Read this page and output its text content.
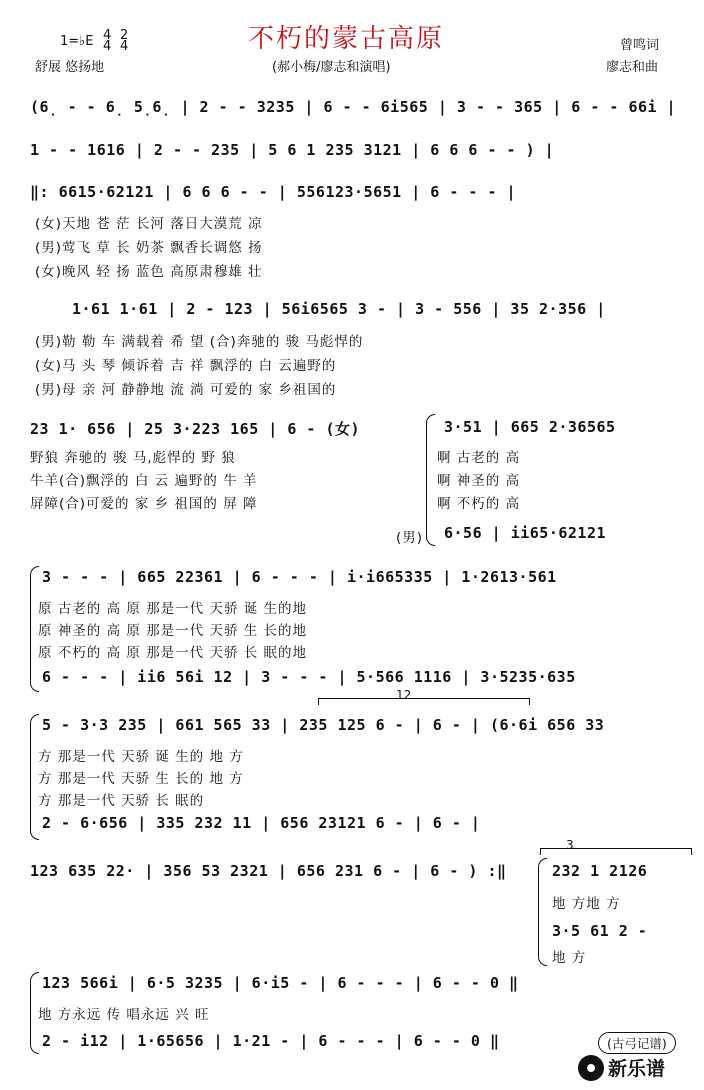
1=♭E 4
4
2
4
舒展 悠扬地
不朽的蒙古高原
(郝小梅/廖志和演唱)
曾鸣词
廖志和曲
(6̣ - - 6̣ 5̣6̣ | 2 - - 3235 | 6 - - 6i565 | 3 - - 365 | 6 - - 66i |
1 - - 1616 | 2 - - 235 | 5 6 1 235 3121 | 6 6 6 - - ) |
‖: 6615·62121 | 6 6 6 - - | 556123·5651 | 6 - - - |
(女)天地 苍 茫 长河 落日大漠荒 凉
(男)莺飞 草 长 奶茶 飘香长调悠 扬
(女)晚风 轻 扬 蓝色 高原肃穆雄 壮
1·61 1·61 | 2 - 123 | 56i6565 3 - | 3 - 556 | 35 2·356 |
(男)勒 勒 车 满载着 希 望 (合)奔驰的 骏 马彪悍的
(女)马 头 琴 倾诉着 吉 祥 飘浮的 白 云遍野的
(男)母 亲 河 静静地 流 淌 可爱的 家 乡祖国的
23 1· 656 | 25 3·223 165 | 6 - (女)
野狼 奔驰的 骏 马,彪悍的 野 狼
牛羊(合)飘浮的 白 云 遍野的 牛 羊
屏障(合)可爱的 家 乡 祖国的 屏 障
3·51 | 665 2·36565
啊 古老的 高
啊 神圣的 高
啊 不朽的 高
(男) 6·56 | ii65·62121
3 - - - | 665 22361 | 6 - - - | i·i665335 | 1·2613·561
原 古老的 高 原 那是一代 天骄 诞 生的地
原 神圣的 高 原 那是一代 天骄 生 长的地
原 不朽的 高 原 那是一代 天骄 长 眠的地
6 - - - | ii6 56i 12 | 3 - - - | 5·566 1116 | 3·5235·635
12
5 - 3·3 235 | 661 565 33 | 235 125 6 - | 6 - | (6·6i 656 33
方 那是一代 天骄 诞 生的 地 方
方 那是一代 天骄 生 长的 地 方
方 那是一代 天骄 长 眠的
2 - 6·656 | 335 232 11 | 656 23121 6 - | 6 - |
123 635 22· | 356 53 2321 | 656 231 6 - | 6 - ) :‖
3
232 1 2126
地 方地 方
3·5 61 2 -
地 方
123 566i | 6·5 3235 | 6·i5 - | 6 - - - | 6 - - 0 ‖
地 方永远 传 唱永远 兴 旺
2 - i12 | 1·65656 | 1·21 - | 6 - - - | 6 - - 0 ‖	(古弓记谱)
新乐谱
